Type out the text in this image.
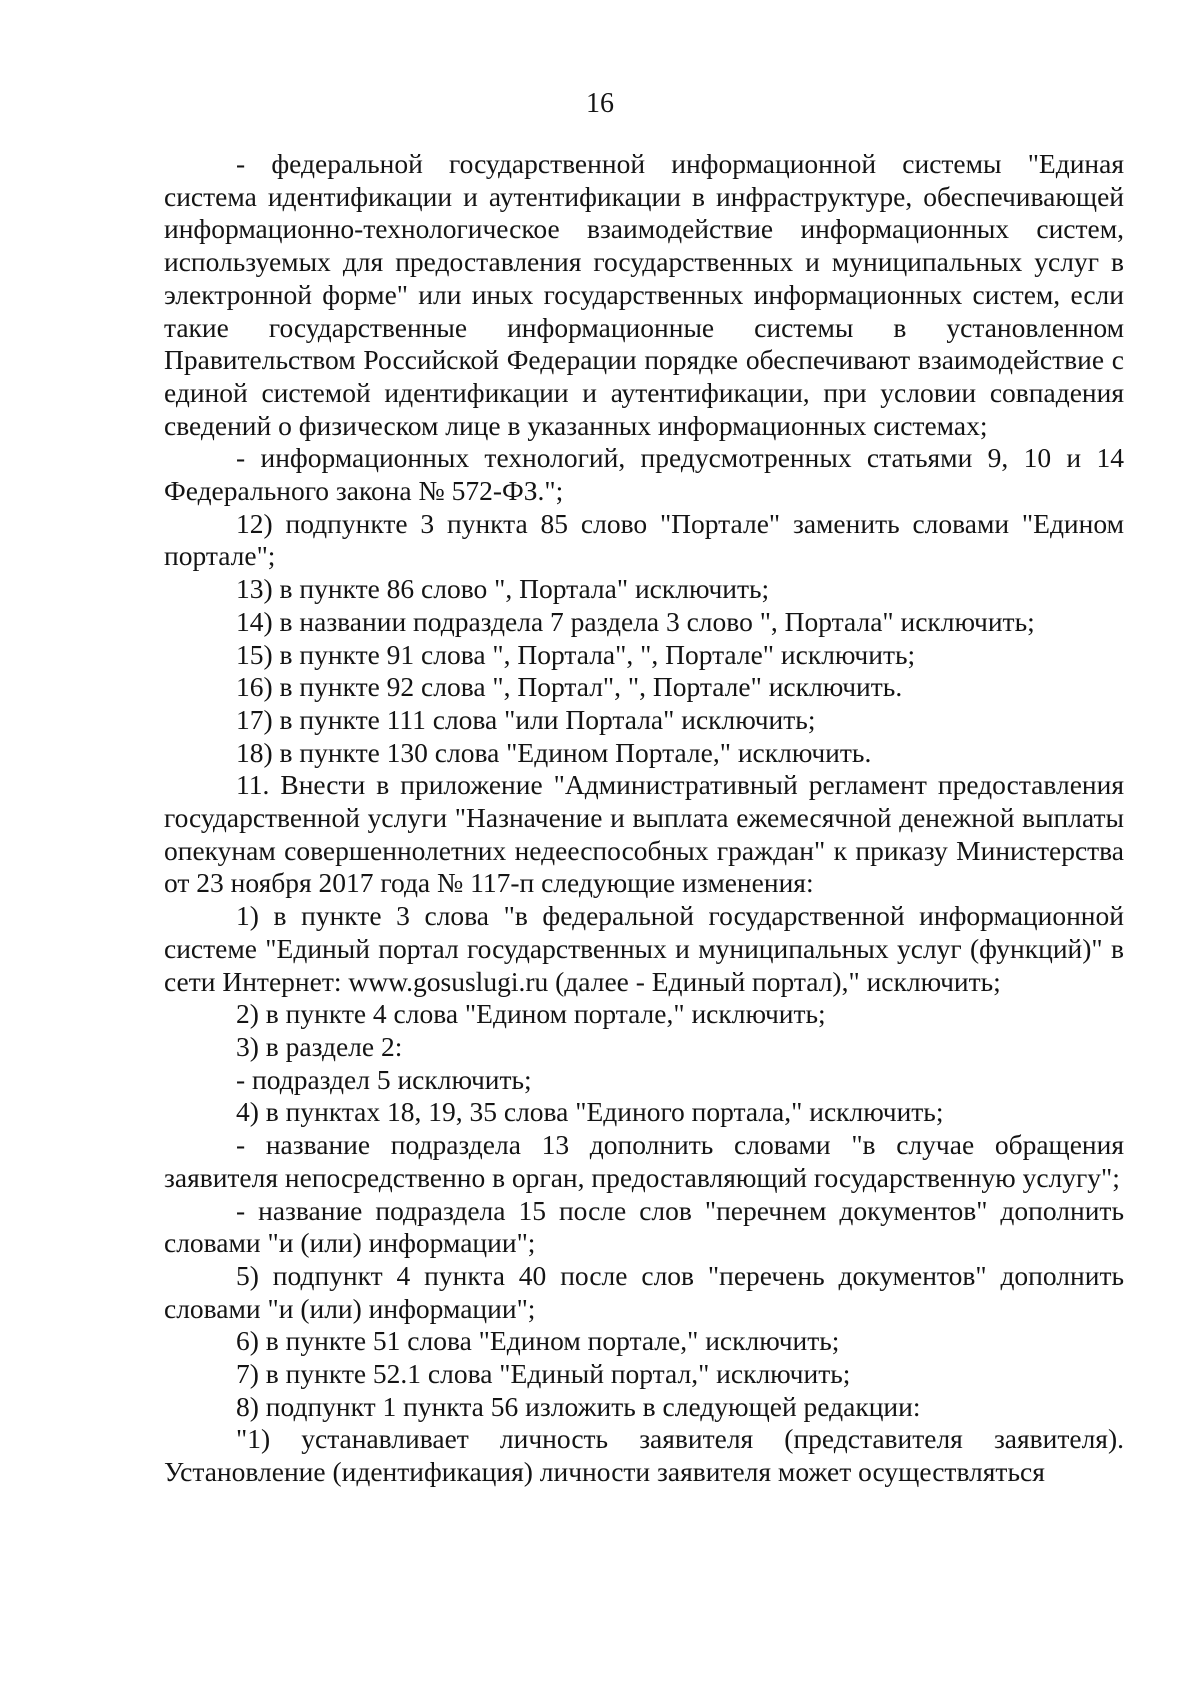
16

- федеральной государственной информационной системы "Единая система идентификации и аутентификации в инфраструктуре, обеспечивающей информационно-технологическое взаимодействие информационных систем, используемых для предоставления государственных и муниципальных услуг в электронной форме" или иных государственных информационных систем, если такие государственные информационные системы в установленном Правительством Российской Федерации порядке обеспечивают взаимодействие с единой системой идентификации и аутентификации, при условии совпадения сведений о физическом лице в указанных информационных системах;

- информационных технологий, предусмотренных статьями 9, 10 и 14 Федерального закона № 572-ФЗ.";

12) подпункте 3 пункта 85 слово "Портале" заменить словами "Едином портале";

13) в пункте 86 слово ", Портала" исключить;

14) в названии подраздела 7 раздела 3 слово ", Портала" исключить;

15) в пункте 91 слова ", Портала", ", Портале" исключить;

16) в пункте 92 слова ", Портал", ", Портале" исключить.

17) в пункте 111 слова "или Портала" исключить;

18) в пункте 130 слова "Едином Портале," исключить.

11. Внести в приложение "Административный регламент предоставления государственной услуги "Назначение и выплата ежемесячной денежной выплаты опекунам совершеннолетних недееспособных граждан" к приказу Министерства от 23 ноября 2017 года № 117-п следующие изменения:

1) в пункте 3 слова "в федеральной государственной информационной системе "Единый портал государственных и муниципальных услуг (функций)" в сети Интернет: www.gosuslugi.ru (далее - Единый портал)," исключить;

2) в пункте 4 слова "Едином портале," исключить;

3) в разделе 2:

- подраздел 5 исключить;

4) в пунктах 18, 19, 35 слова "Единого портала," исключить;

- название подраздела 13 дополнить словами "в случае обращения заявителя непосредственно в орган, предоставляющий государственную услугу";

- название подраздела 15 после слов "перечнем документов" дополнить словами "и (или) информации";

5) подпункт 4 пункта 40 после слов "перечень документов" дополнить словами "и (или) информации";

6) в пункте 51 слова "Едином портале," исключить;

7) в пункте 52.1 слова "Единый портал," исключить;

8) подпункт 1 пункта 56 изложить в следующей редакции:

"1) устанавливает личность заявителя (представителя заявителя). Установление (идентификация) личности заявителя может осуществляться
